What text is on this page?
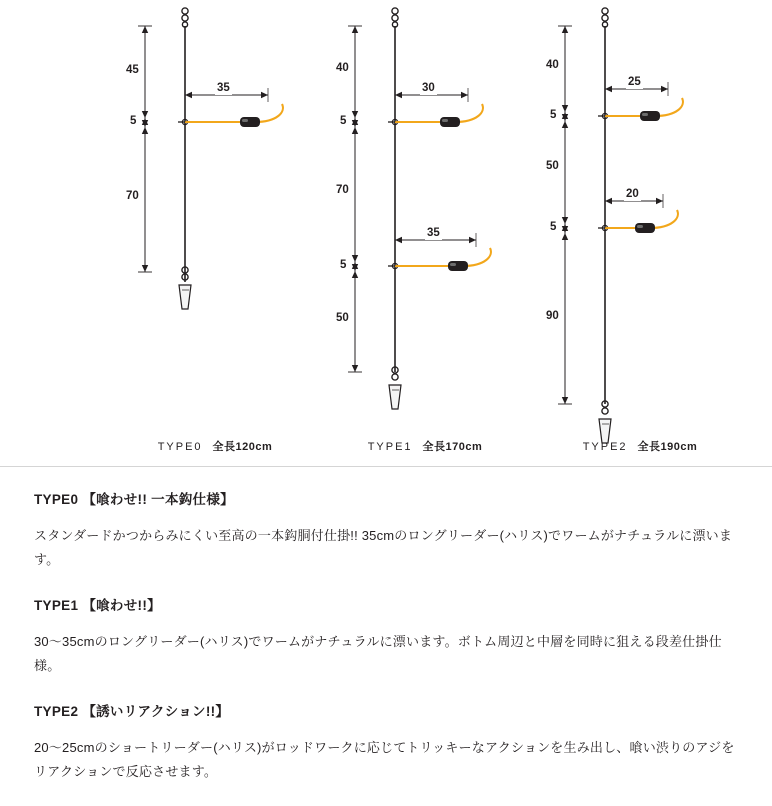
45
5
70
35
TYPE0 全長120cm
40
5
70
5
50
30
35
TYPE1 全長170cm
40
5
50
5
90
25
20
TYPE2 全長190cm

TYPE0 【喰わせ!! 一本鈎仕様】

スタンダードかつからみにくい至高の一本鈎胴付仕掛!! 35cmのロングリーダー(ハリス)でワームがナチュラルに漂います。

TYPE1 【喰わせ!!】

30〜35cmのロングリーダー(ハリス)でワームがナチュラルに漂います。ボトム周辺と中層を同時に狙える段差仕掛仕様。

TYPE2 【誘いリアクション!!】

20〜25cmのショートリーダー(ハリス)がロッドワークに応じてトリッキーなアクションを生み出し、喰い渋りのアジをリアクションで反応させます。
